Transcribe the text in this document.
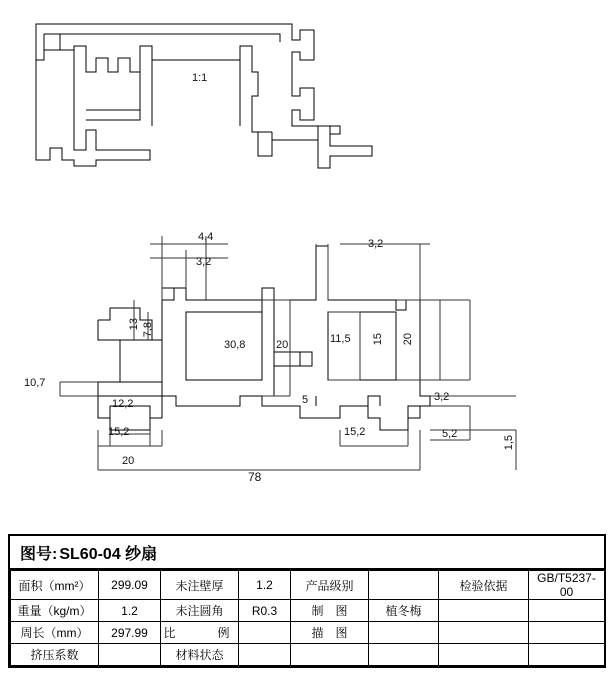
1:1
4,4
3,2
3,2
13 7,8
30,8	20	11,5 15 20
10,7
12,2
15,2
20
5	3,2
15,2	5,2
1,5
78
图号: SL60-04 纱扇
面积（mm²）	299.09	未注壁厚	1.2	产品级别		检验依据	GB/T5237-00
重量（kg/m）	1.2	未注圆角	R0.3	制　图	植冬梅		
周长（mm）	297.99	比　　例		描　图			
挤压系数		材料状态					
